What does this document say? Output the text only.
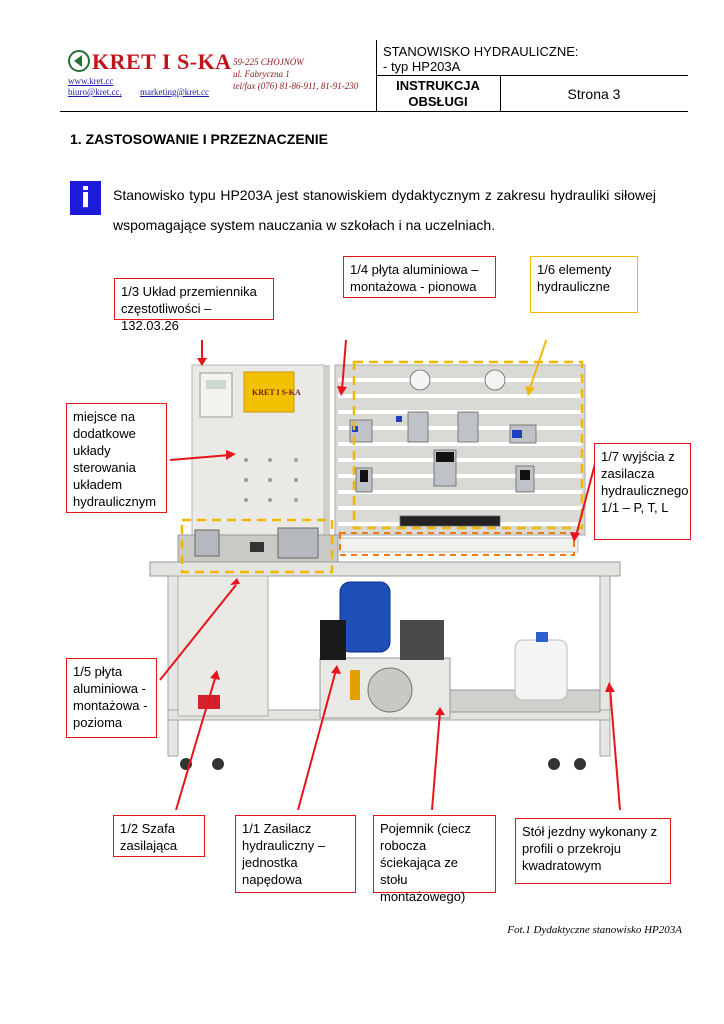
KRET I S-KA
www.kret.cc
biuro@kret.cc, marketing@kret.cc
59-225 CHOJNÓW
ul. Fabryczna 1
tel/fax (076) 81-86-911, 81-91-230
STANOWISKO HYDRAULICZNE:
- typ HP203A
INSTRUKCJA
OBSŁUGI	Strona 3
1. ZASTOSOWANIE I PRZEZNACZENIE
i	Stanowisko typu HP203A jest stanowiskiem dydaktycznym z zakresu hydrauliki siłowej wspomagające system nauczania w szkołach i na uczelniach.
KRET I S-KA
1/3 Układ przemiennika częstotliwości – 132.03.26
1/4 płyta aluminiowa – montażowa - pionowa
1/6 elementy hydrauliczne
miejsce na dodatkowe układy sterowania układem hydraulicznym
1/7 wyjścia z zasilacza hydraulicznego 1/1 – P, T, L
1/5 płyta aluminiowa - montażowa - pozioma
1/2 Szafa zasilająca
1/1 Zasilacz hydrauliczny – jednostka napędowa
Pojemnik (ciecz robocza ściekająca ze stołu montażowego)
Stół jezdny wykonany z profili o przekroju kwadratowym
Fot.1 Dydaktyczne stanowisko HP203A
